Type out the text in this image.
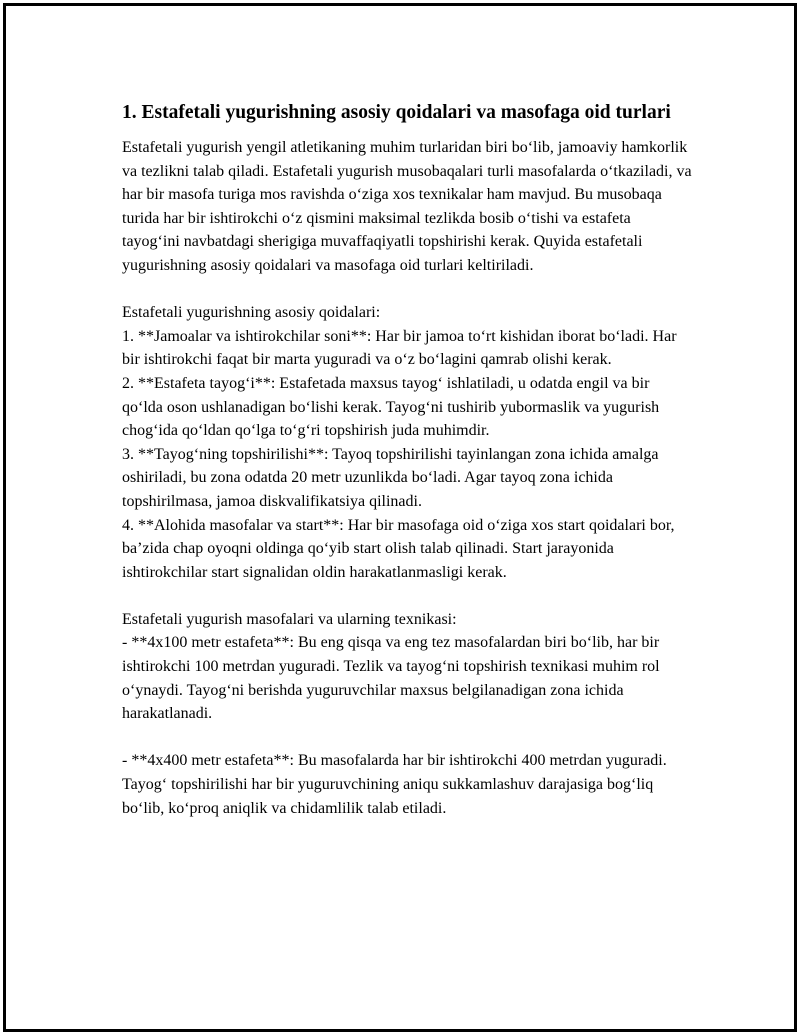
1. Estafetali yugurishning asosiy qoidalari va masofaga oid turlari

Estafetali yugurish yengil atletikaning muhim turlaridan biri bo‘lib, jamoaviy hamkorlik va tezlikni talab qiladi. Estafetali yugurish musobaqalari turli masofalarda o‘tkaziladi, va har bir masofa turiga mos ravishda o‘ziga xos texnikalar ham mavjud. Bu musobaqa turida har bir ishtirokchi o‘z qismini maksimal tezlikda bosib o‘tishi va estafeta tayog‘ini navbatdagi sherigiga muvaffaqiyatli topshirishi kerak. Quyida estafetali yugurishning asosiy qoidalari va masofaga oid turlari keltiriladi.

Estafetali yugurishning asosiy qoidalari:

1. **Jamoalar va ishtirokchilar soni**: Har bir jamoa to‘rt kishidan iborat bo‘ladi. Har bir ishtirokchi faqat bir marta yuguradi va o‘z bo‘lagini qamrab olishi kerak.

2. **Estafeta tayog‘i**: Estafetada maxsus tayog‘ ishlatiladi, u odatda engil va bir qo‘lda oson ushlanadigan bo‘lishi kerak. Tayog‘ni tushirib yubormaslik va yugurish chog‘ida qo‘ldan qo‘lga to‘g‘ri topshirish juda muhimdir.

3. **Tayog‘ning topshirilishi**: Tayoq topshirilishi tayinlangan zona ichida amalga oshiriladi, bu zona odatda 20 metr uzunlikda bo‘ladi. Agar tayoq zona ichida topshirilmasa, jamoa diskvalifikatsiya qilinadi.

4. **Alohida masofalar va start**: Har bir masofaga oid o‘ziga xos start qoidalari bor, ba’zida chap oyoqni oldinga qo‘yib start olish talab qilinadi. Start jarayonida ishtirokchilar start signalidan oldin harakatlanmasligi kerak.

Estafetali yugurish masofalari va ularning texnikasi:

- **4x100 metr estafeta**: Bu eng qisqa va eng tez masofalardan biri bo‘lib, har bir ishtirokchi 100 metrdan yuguradi. Tezlik va tayog‘ni topshirish texnikasi muhim rol o‘ynaydi. Tayog‘ni berishda yuguruvchilar maxsus belgilanadigan zona ichida harakatlanadi.

- **4x400 metr estafeta**: Bu masofalarda har bir ishtirokchi 400 metrdan yuguradi. Tayog‘ topshirilishi har bir yuguruvchining aniqu sukkamlashuv darajasiga bog‘liq bo‘lib, ko‘proq aniqlik va chidamlilik talab etiladi.
